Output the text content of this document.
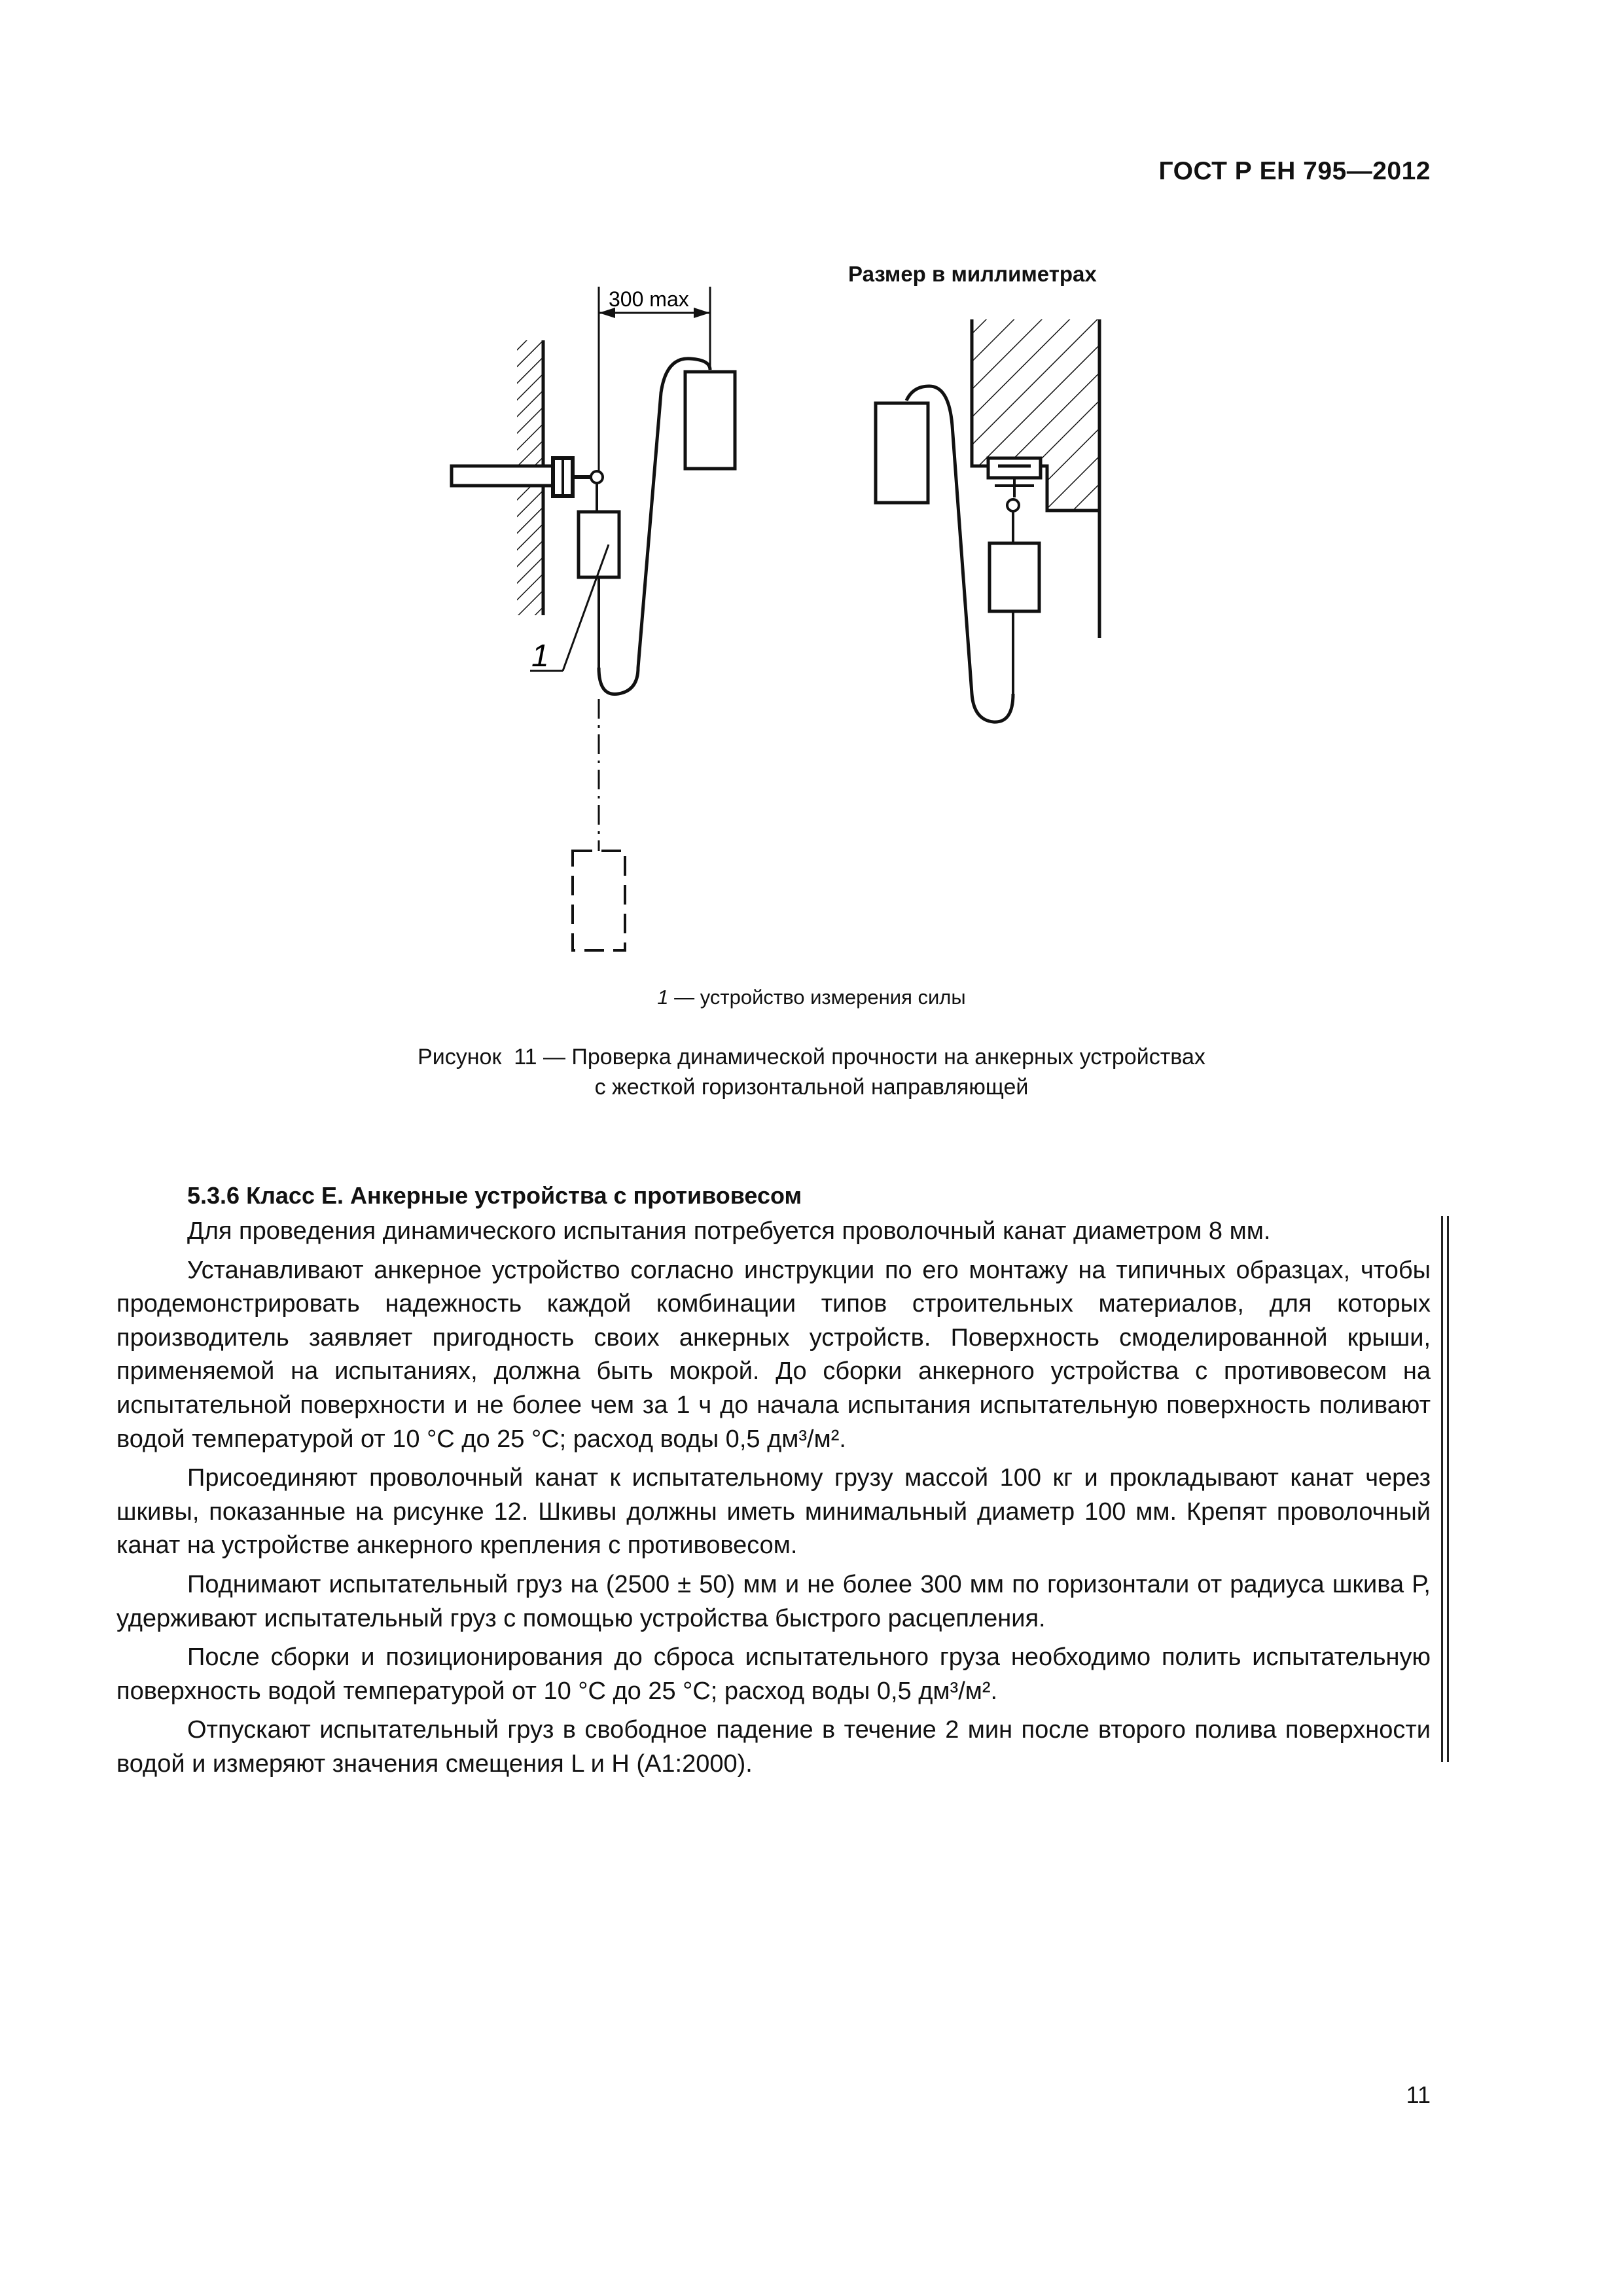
ГОСТ Р ЕН 795—2012
Размер в миллиметрах
300 max
1
1 — устройство измерения силы
Рисунок  11 — Проверка динамической прочности на анкерных устройствах
с жесткой горизонтальной направляющей
5.3.6 Класс Е. Анкерные устройства с противовесом

Для проведения динамического испытания потребуется проволочный канат диаметром 8 мм.

Устанавливают анкерное устройство согласно инструкции по его монтажу на типичных образцах, чтобы продемонстрировать надежность каждой комбинации типов строительных материалов, для которых производитель заявляет пригодность своих анкерных устройств. Поверхность смоделированной крыши, применяемой на испытаниях, должна быть мокрой. До сборки анкерного устройства с противовесом на испытательной поверхности и не более чем за 1 ч до начала испытания испытательную поверхность поливают водой температурой от 10 °С до 25 °С; расход воды 0,5 дм³/м².

Присоединяют проволочный канат к испытательному грузу массой 100 кг и прокладывают канат через шкивы, показанные на рисунке 12. Шкивы должны иметь минимальный диаметр 100 мм. Крепят проволочный канат на устройстве анкерного крепления с противовесом.

Поднимают испытательный груз на (2500 ± 50) мм и не более 300 мм по горизонтали от радиуса шкива Р, удерживают испытательный груз с помощью устройства быстрого расцепления.

После сборки и позиционирования до сброса испытательного груза необходимо полить испытательную поверхность водой температурой от 10 °С до 25 °С; расход воды 0,5 дм³/м².

Отпускают испытательный груз в свободное падение в течение 2 мин после второго полива поверхности водой и измеряют значения смещения L и H (A1:2000).

11
